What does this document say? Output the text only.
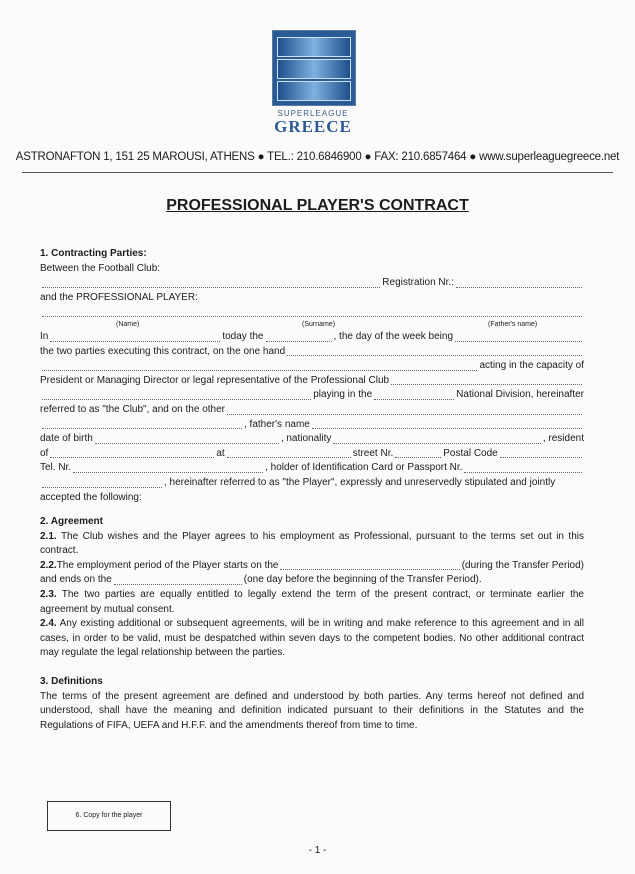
SUPERLEAGUE
GREECE
ASTRONAFTON 1, 151 25 MAROUSI, ATHENS ● TEL.: 210.6846900 ● FAX: 210.6857464 ● www.superleaguegreece.net
PROFESSIONAL PLAYER'S CONTRACT
1. Contracting Parties:
Between the Football Club:
Registration Nr.:
and the PROFESSIONAL PLAYER:
(Name)	(Surname)	(Father's name)
In	today the	, the day of the week being
the two parties executing this contract, on the one hand
acting in the capacity of
President or Managing Director or legal representative of the Professional Club
playing in the	National Division, hereinafter
referred to as "the Club", and on the other
, father's name
date of birth	, nationality	, resident
of	at	street Nr.	Postal Code
Tel. Nr.	, holder of Identification Card or Passport Nr.
, hereinafter referred to as "the Player", expressly and unreservedly stipulated and jointly
accepted the following:
2. Agreement
2.1. The Club wishes and the Player agrees to his employment as Professional, pursuant to the terms set out in this contract.
2.2. The employment period of the Player starts on the	(during the Transfer Period)
and ends on the	(one day before the beginning of the Transfer Period).
2.3. The two parties are equally entitled to legally extend the term of the present contract, or terminate earlier the agreement by mutual consent.
2.4. Any existing additional or subsequent agreements, will be in writing and make reference to this agreement and in all cases, in order to be valid, must be despatched within seven days to the competent bodies. No other additional contract may regulate the legal relationship between the parties.
3. Definitions
The terms of the present agreement are defined and understood by both parties. Any terms hereof not defined and understood, shall have the meaning and definition indicated pursuant to their definitions in the Statutes and the Regulations of FIFA, UEFA and H.F.F. and the amendments thereof from time to time.
6. Copy for the player
- 1 -
